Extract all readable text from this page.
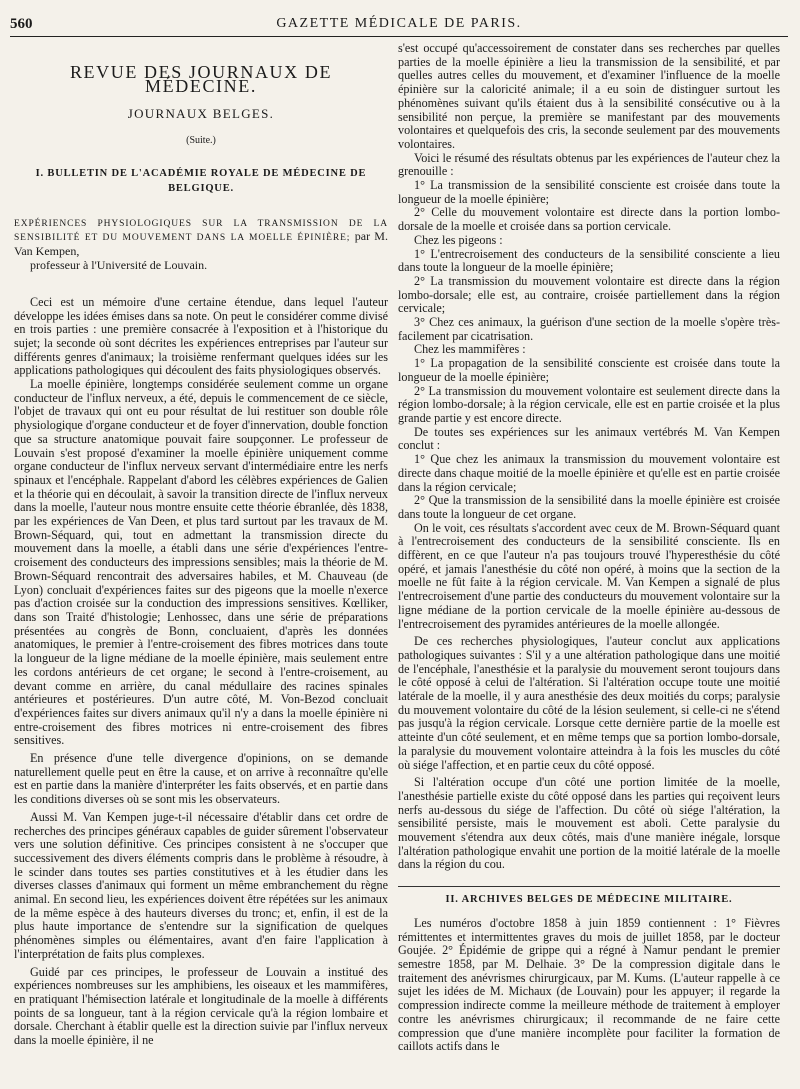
560	GAZETTE MÉDICALE DE PARIS.
REVUE DES JOURNAUX DE MÉDECINE.
JOURNAUX BELGES.
(Suite.)
I. BULLETIN DE L'ACADÉMIE ROYALE DE MÉDECINE DE BELGIQUE.
EXPÉRIENCES PHYSIOLOGIQUES SUR LA TRANSMISSION DE LA SENSIBILITÉ ET DU MOUVEMENT DANS LA MOELLE ÉPINIÈRE; par M. Van Kempen,
professeur à l'Université de Louvain.

Ceci est un mémoire d'une certaine étendue, dans lequel l'auteur développe les idées émises dans sa note. On peut le considérer comme divisé en trois parties : une première consacrée à l'exposition et à l'historique du sujet; la seconde où sont décrites les expériences entreprises par l'auteur sur différents genres d'animaux; la troisième renfermant quelques idées sur les applications pathologiques qui découlent des faits physiologiques observés.

La moelle épinière, longtemps considérée seulement comme un organe conducteur de l'influx nerveux, a été, depuis le commencement de ce siècle, l'objet de travaux qui ont eu pour résultat de lui restituer son double rôle physiologique d'organe conducteur et de foyer d'innervation, double fonction que sa structure anatomique pouvait faire soupçonner. Le professeur de Louvain s'est proposé d'examiner la moelle épinière uniquement comme organe conducteur de l'influx nerveux servant d'intermédiaire entre les nerfs spinaux et l'encéphale. Rappelant d'abord les célèbres expériences de Galien et la théorie qui en découlait, à savoir la transition directe de l'influx nerveux dans la moelle, l'auteur nous montre ensuite cette théorie ébranlée, dès 1838, par les expériences de Van Deen, et plus tard surtout par les travaux de M. Brown-Séquard, qui, tout en admettant la transmission directe du mouvement dans la moelle, a établi dans une série d'expériences l'entre-croisement des conducteurs des impressions sensibles; mais la théorie de M. Brown-Séquard rencontrait des adversaires habiles, et M. Chauveau (de Lyon) concluait d'expériences faites sur des pigeons que la moelle n'exerce pas d'action croisée sur la conduction des impressions sensitives. Kœlliker, dans son Traité d'histologie; Lenhossec, dans une série de préparations présentées au congrès de Bonn, concluaient, d'après les données anatomiques, le premier à l'entre-croisement des fibres motrices dans toute la longueur de la ligne médiane de la moelle épinière, mais seulement entre les cordons antérieurs de cet organe; le second à l'entre-croisement, au devant comme en arrière, du canal médullaire des racines spinales antérieures et postérieures. D'un autre côté, M. Von-Bezod concluait d'expériences faites sur divers animaux qu'il n'y a dans la moelle épinière ni entre-croisement des fibres motrices ni entre-croisement des fibres sensitives.

En présence d'une telle divergence d'opinions, on se demande naturellement quelle peut en être la cause, et on arrive à reconnaître qu'elle est en partie dans la manière d'interpréter les faits observés, et en partie dans les conditions diverses où se sont mis les observateurs.

Aussi M. Van Kempen juge-t-il nécessaire d'établir dans cet ordre de recherches des principes généraux capables de guider sûrement l'observateur vers une solution définitive. Ces principes consistent à ne s'occuper que successivement des divers éléments compris dans le problème à résoudre, à le scinder dans toutes ses parties constitutives et à les étudier dans les diverses classes d'animaux qui forment un même embranchement du règne animal. En second lieu, les expériences doivent être répétées sur les animaux de la même espèce à des hauteurs diverses du tronc; et, enfin, il est de la plus haute importance de s'entendre sur la signification de quelques phénomènes simples ou élémentaires, avant d'en faire l'application à l'interprétation de faits plus complexes.

Guidé par ces principes, le professeur de Louvain a institué des expériences nombreuses sur les amphibiens, les oiseaux et les mammifères, en pratiquant l'hémisection latérale et longitudinale de la moelle à différents points de sa longueur, tant à la région cervicale qu'à la région lombaire et dorsale. Cherchant à établir quelle est la direction suivie par l'influx nerveux dans la moelle épinière, il ne

s'est occupé qu'accessoirement de constater dans ses recherches par quelles parties de la moelle épinière a lieu la transmission de la sensibilité, et par quelles autres celles du mouvement, et d'examiner l'influence de la moelle épinière sur la caloricité animale; il a eu soin de distinguer surtout les phénomènes suivant qu'ils étaient dus à la sensibilité consécutive ou à la sensibilité non perçue, la première se manifestant par des mouvements volontaires et quelquefois des cris, la seconde seulement par des mouvements volontaires.

Voici le résumé des résultats obtenus par les expériences de l'auteur chez la grenouille :

1° La transmission de la sensibilité consciente est croisée dans toute la longueur de la moelle épinière;

2° Celle du mouvement volontaire est directe dans la portion lombo-dorsale de la moelle et croisée dans sa portion cervicale.

Chez les pigeons :

1° L'entrecroisement des conducteurs de la sensibilité consciente a lieu dans toute la longueur de la moelle épinière;

2° La transmission du mouvement volontaire est directe dans la région lombo-dorsale; elle est, au contraire, croisée partiellement dans la région cervicale;

3° Chez ces animaux, la guérison d'une section de la moelle s'opère très-facilement par cicatrisation.

Chez les mammifères :

1° La propagation de la sensibilité consciente est croisée dans toute la longueur de la moelle épinière;

2° La transmission du mouvement volontaire est seulement directe dans la région lombo-dorsale; à la région cervicale, elle est en partie croisée et la plus grande partie y est encore directe.

De toutes ses expériences sur les animaux vertébrés M. Van Kempen conclut :

1° Que chez les animaux la transmission du mouvement volontaire est directe dans chaque moitié de la moelle épinière et qu'elle est en partie croisée dans la région cervicale;

2° Que la transmission de la sensibilité dans la moelle épinière est croisée dans toute la longueur de cet organe.

On le voit, ces résultats s'accordent avec ceux de M. Brown-Séquard quant à l'entrecroisement des conducteurs de la sensibilité consciente. Ils en diffèrent, en ce que l'auteur n'a pas toujours trouvé l'hyperesthésie du côté opéré, et jamais l'anesthésie du côté non opéré, à moins que la section de la moelle ne fût faite à la région cervicale. M. Van Kempen a signalé de plus l'entrecroisement d'une partie des conducteurs du mouvement volontaire sur la ligne médiane de la portion cervicale de la moelle épinière au-dessous de l'entrecroisement des pyramides antérieures de la moelle allongée.

De ces recherches physiologiques, l'auteur conclut aux applications pathologiques suivantes : S'il y a une altération pathologique dans une moitié de l'encéphale, l'anesthésie et la paralysie du mouvement seront toujours dans le côté opposé à celui de l'altération. Si l'altération occupe toute une moitié latérale de la moelle, il y aura anesthésie des deux moitiés du corps; paralysie du mouvement volontaire du côté de la lésion seulement, si celle-ci ne s'étend pas jusqu'à la région cervicale. Lorsque cette dernière partie de la moelle est atteinte d'un côté seulement, et en même temps que sa portion lombo-dorsale, la paralysie du mouvement volontaire atteindra à la fois les muscles du côté où siége l'affection, et en partie ceux du côté opposé.

Si l'altération occupe d'un côté une portion limitée de la moelle, l'anesthésie partielle existe du côté opposé dans les parties qui reçoivent leurs nerfs au-dessous du siége de l'affection. Du côté où siége l'altération, la sensibilité persiste, mais le mouvement est aboli. Cette paralysie du mouvement s'étendra aux deux côtés, mais d'une manière inégale, lorsque l'altération pathologique envahit une portion de la moitié latérale de la moelle dans la région du cou.

II. ARCHIVES BELGES DE MÉDECINE MILITAIRE.

Les numéros d'octobre 1858 à juin 1859 contiennent : 1° Fièvres rémittentes et intermittentes graves du mois de juillet 1858, par le docteur Goujée. 2° Épidémie de grippe qui a régné à Namur pendant le premier semestre 1858, par M. Delhaie. 3° De la compression digitale dans le traitement des anévrismes chirurgicaux, par M. Kums. (L'auteur rappelle à ce sujet les idées de M. Michaux (de Louvain) pour les appuyer; il regarde la compression indirecte comme la meilleure méthode de traitement à employer contre les anévrismes chirurgicaux; il recommande de ne faire cette compression que d'une manière incomplète pour faciliter la formation de caillots actifs dans le
